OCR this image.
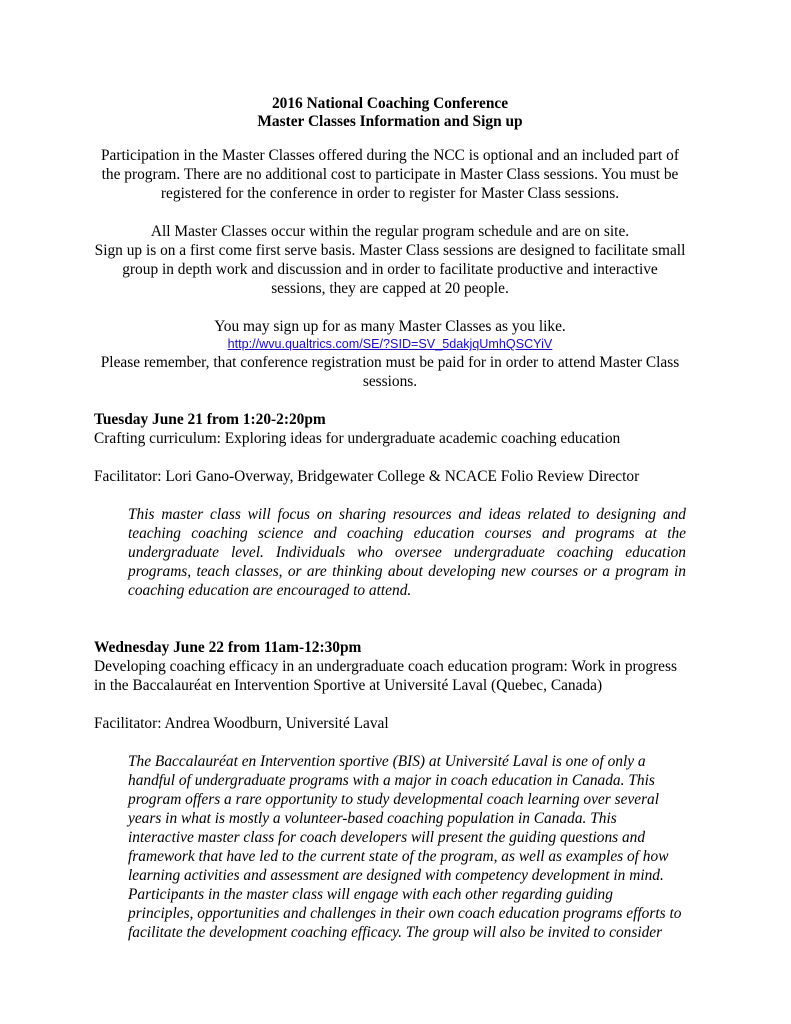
2016 National Coaching Conference
Master Classes Information and Sign up

Participation in the Master Classes offered during the NCC is optional and an included part of the program. There are no additional cost to participate in Master Class sessions. You must be registered for the conference in order to register for Master Class sessions.

All Master Classes occur within the regular program schedule and are on site.
Sign up is on a first come first serve basis. Master Class sessions are designed to facilitate small group in depth work and discussion and in order to facilitate productive and interactive sessions, they are capped at 20 people.
You may sign up for as many Master Classes as you like.
http://wvu.qualtrics.com/SE/?SID=SV_5dakjqUmhQSCYiV
Please remember, that conference registration must be paid for in order to attend Master Class sessions.
Tuesday June 21 from 1:20-2:20pm
Crafting curriculum: Exploring ideas for undergraduate academic coaching education
Facilitator: Lori Gano-Overway, Bridgewater College & NCACE Folio Review Director

This master class will focus on sharing resources and ideas related to designing and teaching coaching science and coaching education courses and programs at the undergraduate level. Individuals who oversee undergraduate coaching education programs, teach classes, or are thinking about developing new courses or a program in coaching education are encouraged to attend.

Wednesday June 22 from 11am-12:30pm
Developing coaching efficacy in an undergraduate coach education program: Work in progress in the Baccalauréat en Intervention Sportive at Université Laval (Quebec, Canada)
Facilitator: Andrea Woodburn, Université Laval
The Baccalauréat en Intervention sportive (BIS) at Université Laval is one of only a
handful of undergraduate programs with a major in coach education in Canada. This
program offers a rare opportunity to study developmental coach learning over several
years in what is mostly a volunteer-based coaching population in Canada. This
interactive master class for coach developers will present the guiding questions and
framework that have led to the current state of the program, as well as examples of how
learning activities and assessment are designed with competency development in mind.
Participants in the master class will engage with each other regarding guiding
principles, opportunities and challenges in their own coach education programs efforts to
facilitate the development coaching efficacy. The group will also be invited to consider
